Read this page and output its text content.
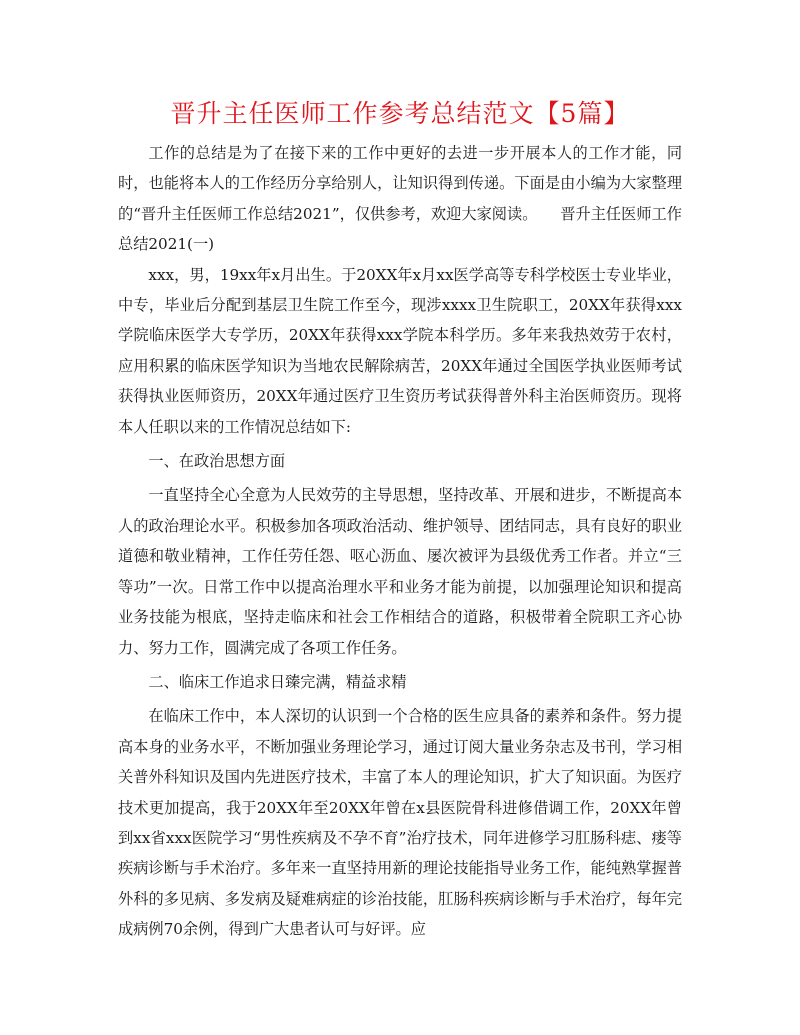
晋升主任医师工作参考总结范文【5篇】

工作的总结是为了在接下来的工作中更好的去进一步开展本人的工作才能，同时，也能将本人的工作经历分享给别人，让知识得到传递。下面是由小编为大家整理的“晋升主任医师工作总结2021”，仅供参考，欢迎大家阅读。　　晋升主任医师工作总结2021(一)

xxx，男，19xx年x月出生。于20XX年x月xx医学高等专科学校医士专业毕业，中专，毕业后分配到基层卫生院工作至今，现涉xxxx卫生院职工，20XX年获得xxx学院临床医学大专学历，20XX年获得xxx学院本科学历。多年来我热效劳于农村，应用积累的临床医学知识为当地农民解除病苦，20XX年通过全国医学执业医师考试获得执业医师资历，20XX年通过医疗卫生资历考试获得普外科主治医师资历。现将本人任职以来的工作情况总结如下:

一、在政治思想方面

一直坚持全心全意为人民效劳的主导思想，坚持改革、开展和进步，不断提高本人的政治理论水平。积极参加各项政治活动、维护领导、团结同志，具有良好的职业道德和敬业精神，工作任劳任怨、呕心沥血、屡次被评为县级优秀工作者。并立“三等功”一次。日常工作中以提高治理水平和业务才能为前提，以加强理论知识和提高业务技能为根底，坚持走临床和社会工作相结合的道路，积极带着全院职工齐心协力、努力工作，圆满完成了各项工作任务。

二、临床工作追求日臻完满，精益求精

在临床工作中，本人深切的认识到一个合格的医生应具备的素养和条件。努力提高本身的业务水平，不断加强业务理论学习，通过订阅大量业务杂志及书刊，学习相关普外科知识及国内先进医疗技术，丰富了本人的理论知识，扩大了知识面。为医疗技术更加提高，我于20XX年至20XX年曾在x县医院骨科进修借调工作，20XX年曾到xx省xxx医院学习“男性疾病及不孕不育”治疗技术，同年进修学习肛肠科痣、瘘等疾病诊断与手术治疗。多年来一直坚持用新的理论技能指导业务工作，能纯熟掌握普外科的多见病、多发病及疑难病症的诊治技能，肛肠科疾病诊断与手术治疗，每年完成病例70余例，得到广大患者认可与好评。应
